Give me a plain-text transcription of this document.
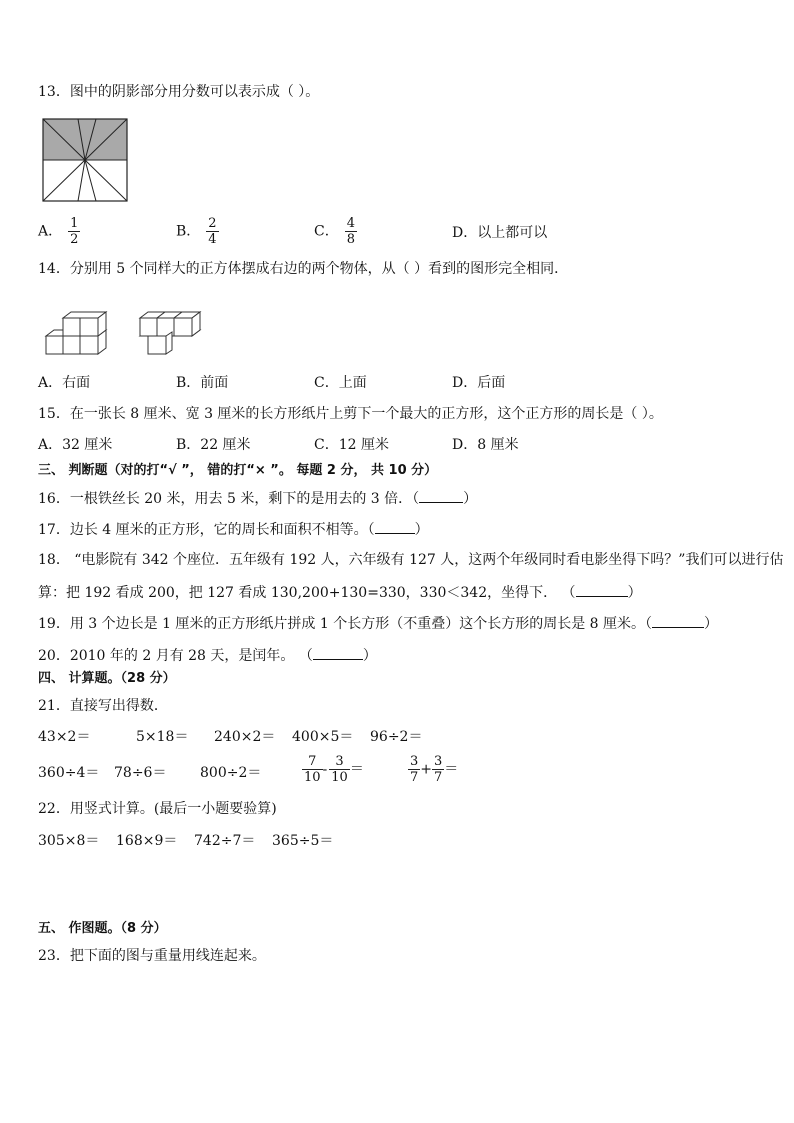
13．图中的阴影部分用分数可以表示成（ ）。
A． $\frac{1}{2}$	B． $\frac{2}{4}$	C． $\frac{4}{8}$	D．以上都可以
14．分别用 5 个同样大的正方体摆成右边的两个物体，从（ ）看到的图形完全相同．
A．右面	B．前面	C．上面	D．后面
15．在一张长 8 厘米、宽 3 厘米的长方形纸片上剪下一个最大的正方形，这个正方形的周长是（ ）。
A．32 厘米	B．22 厘米	C．12 厘米	D．8 厘米
三、 判断题（对的打“√ ”， 错的打“× ”。 每题 2 分， 共 10 分）
16．一根铁丝长 20 米，用去 5 米，剩下的是用去的 3 倍．（	）
17．边长 4 厘米的正方形，它的周长和面积不相等。（	）
18． “电影院有 342 个座位．五年级有 192 人，六年级有 127 人，这两个年级同时看电影坐得下吗？”我们可以进行估
算：把 192 看成 200，把 127 看成 130,200+130=330，330＜342，坐得下． （	）
19．用 3 个边长是 1 厘米的正方形纸片拼成 1 个长方形（不重叠）这个长方形的周长是 8 厘米。（	）
20．2010 年的 2 月有 28 天，是闰年。 （	）
四、 计算题。（28 分）
21．直接写出得数．
43×2＝	5×18＝ 240×2＝ 400×5＝ 96÷2＝
360÷4＝ 78÷6＝ 800÷2＝	$\frac{7}{10} - \frac{3}{10}$ ＝	$\frac{3}{7} + \frac{3}{7}$ ＝
22．用竖式计算。(最后一小题要验算)
305×8＝ 168×9＝ 742÷7＝ 365÷5＝
五、 作图题。（8 分）
23．把下面的图与重量用线连起来。
